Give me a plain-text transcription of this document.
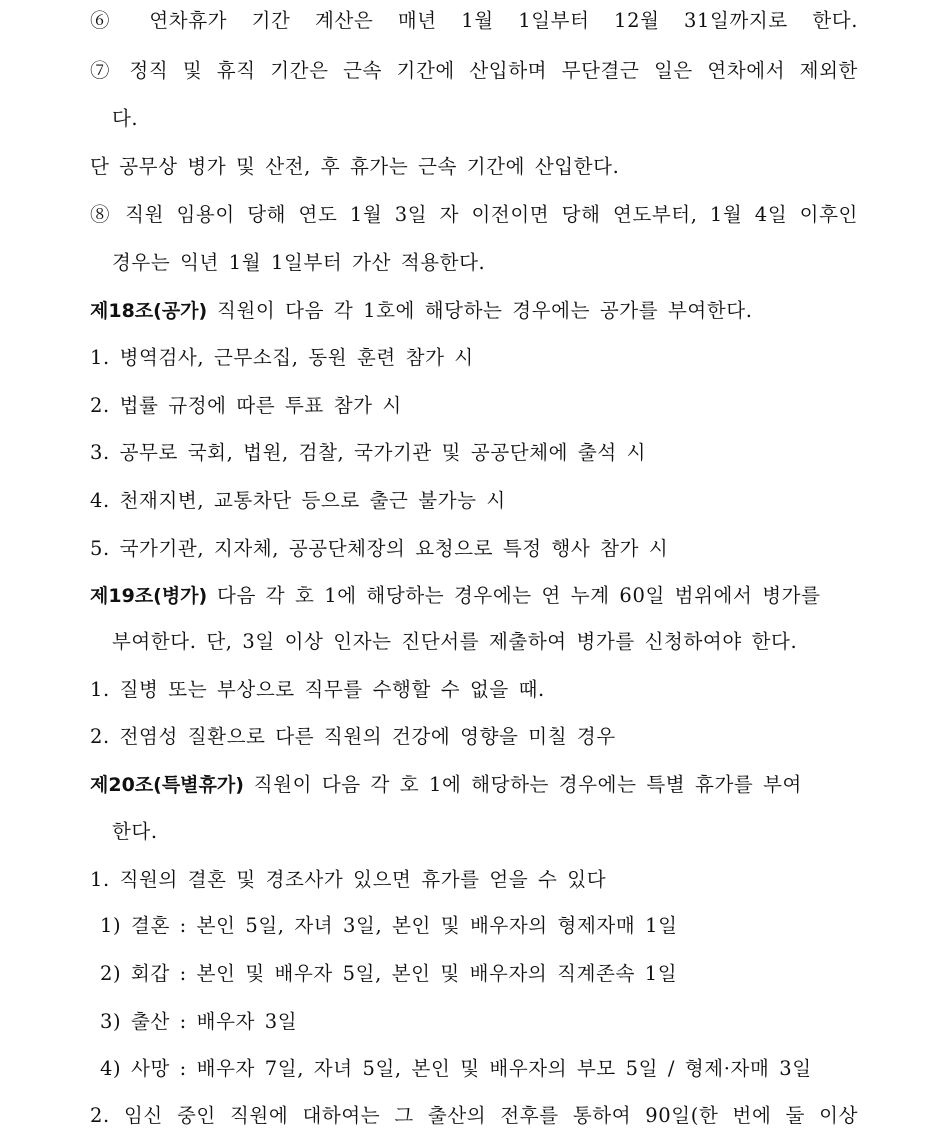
⑥ 연차휴가 기간 계산은 매년 1월 1일부터 12월 31일까지로 한다.
⑦ 정직 및 휴직 기간은 근속 기간에 산입하며 무단결근 일은 연차에서 제외한
다.
단 공무상 병가 및 산전, 후 휴가는 근속 기간에 산입한다.
⑧ 직원 임용이 당해 연도 1월 3일 자 이전이면 당해 연도부터, 1월 4일 이후인
경우는 익년 1월 1일부터 가산 적용한다.
제18조(공가) 직원이 다음 각 1호에 해당하는 경우에는 공가를 부여한다.
1. 병역검사, 근무소집, 동원 훈련 참가 시
2. 법률 규정에 따른 투표 참가 시
3. 공무로 국회, 법원, 검찰, 국가기관 및 공공단체에 출석 시
4. 천재지변, 교통차단 등으로 출근 불가능 시
5. 국가기관, 지자체, 공공단체장의 요청으로 특정 행사 참가 시
제19조(병가) 다음 각 호 1에 해당하는 경우에는 연 누계 60일 범위에서 병가를
부여한다. 단, 3일 이상 인자는 진단서를 제출하여 병가를 신청하여야 한다.
1. 질병 또는 부상으로 직무를 수행할 수 없을 때.
2. 전염성 질환으로 다른 직원의 건강에 영향을 미칠 경우
제20조(특별휴가) 직원이 다음 각 호 1에 해당하는 경우에는 특별 휴가를 부여
한다.
1. 직원의 결혼 및 경조사가 있으면 휴가를 얻을 수 있다
1) 결혼 : 본인 5일, 자녀 3일, 본인 및 배우자의 형제자매 1일
2) 회갑 : 본인 및 배우자 5일, 본인 및 배우자의 직계존속 1일
3) 출산 : 배우자 3일
4) 사망 : 배우자 7일, 자녀 5일, 본인 및 배우자의 부모 5일 / 형제·자매 3일
2. 임신 중인 직원에 대하여는 그 출산의 전후를 통하여 90일(한 번에 둘 이상
